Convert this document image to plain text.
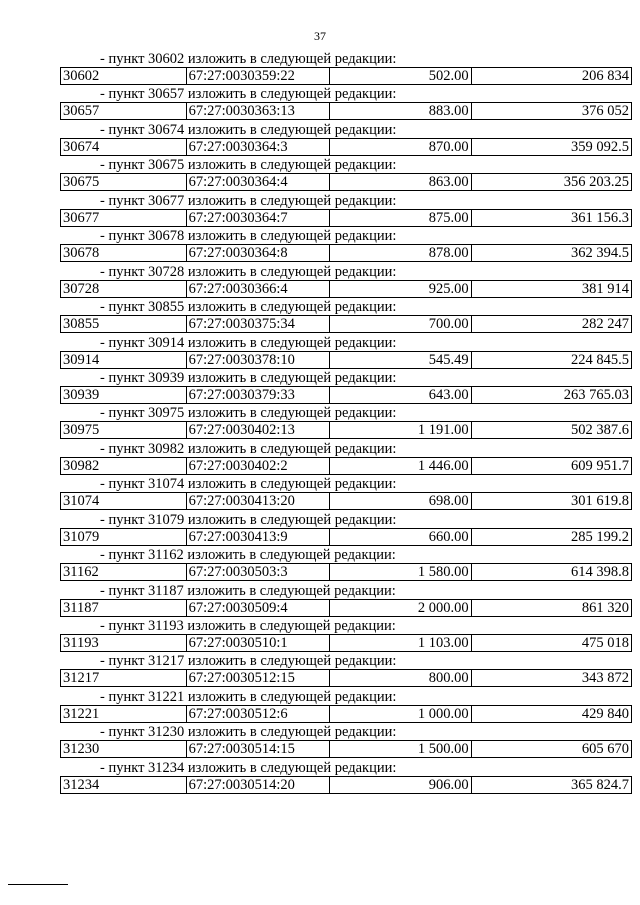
37
- пункт 30602 изложить в следующей редакции:
30602	67:27:0030359:22	502.00	206 834
- пункт 30657 изложить в следующей редакции:
30657	67:27:0030363:13	883.00	376 052
- пункт 30674 изложить в следующей редакции:
30674	67:27:0030364:3	870.00	359 092.5
- пункт 30675 изложить в следующей редакции:
30675	67:27:0030364:4	863.00	356 203.25
- пункт 30677 изложить в следующей редакции:
30677	67:27:0030364:7	875.00	361 156.3
- пункт 30678 изложить в следующей редакции:
30678	67:27:0030364:8	878.00	362 394.5
- пункт 30728 изложить в следующей редакции:
30728	67:27:0030366:4	925.00	381 914
- пункт 30855 изложить в следующей редакции:
30855	67:27:0030375:34	700.00	282 247
- пункт 30914 изложить в следующей редакции:
30914	67:27:0030378:10	545.49	224 845.5
- пункт 30939 изложить в следующей редакции:
30939	67:27:0030379:33	643.00	263 765.03
- пункт 30975 изложить в следующей редакции:
30975	67:27:0030402:13	1 191.00	502 387.6
- пункт 30982 изложить в следующей редакции:
30982	67:27:0030402:2	1 446.00	609 951.7
- пункт 31074 изложить в следующей редакции:
31074	67:27:0030413:20	698.00	301 619.8
- пункт 31079 изложить в следующей редакции:
31079	67:27:0030413:9	660.00	285 199.2
- пункт 31162 изложить в следующей редакции:
31162	67:27:0030503:3	1 580.00	614 398.8
- пункт 31187 изложить в следующей редакции:
31187	67:27:0030509:4	2 000.00	861 320
- пункт 31193 изложить в следующей редакции:
31193	67:27:0030510:1	1 103.00	475 018
- пункт 31217 изложить в следующей редакции:
31217	67:27:0030512:15	800.00	343 872
- пункт 31221 изложить в следующей редакции:
31221	67:27:0030512:6	1 000.00	429 840
- пункт 31230 изложить в следующей редакции:
31230	67:27:0030514:15	1 500.00	605 670
- пункт 31234 изложить в следующей редакции:
31234	67:27:0030514:20	906.00	365 824.7
